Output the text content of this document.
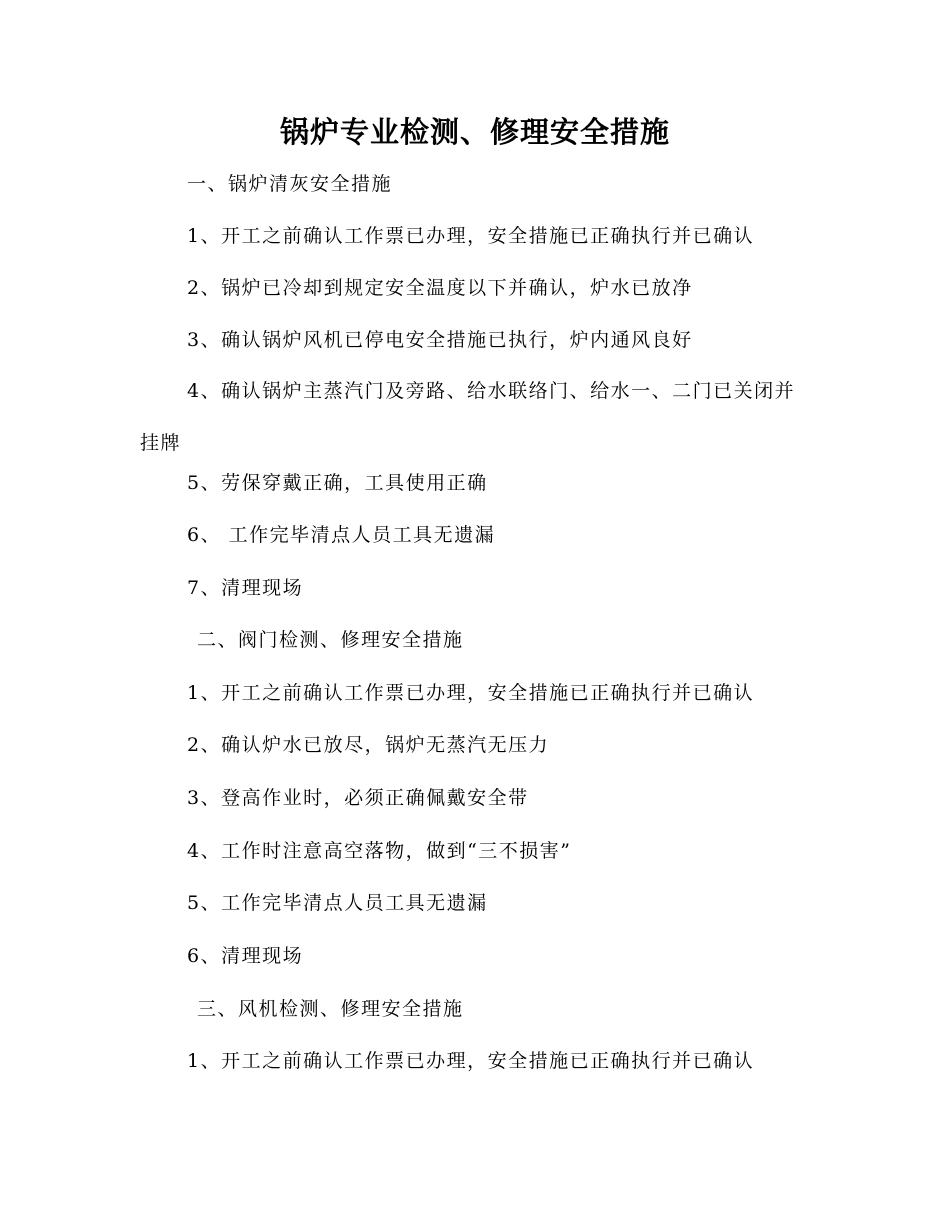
锅炉专业检测、修理安全措施
一、锅炉清灰安全措施
1、开工之前确认工作票已办理，安全措施已正确执行并已确认
2、锅炉已冷却到规定安全温度以下并确认，炉水已放净
3、确认锅炉风机已停电安全措施已执行，炉内通风良好
4、确认锅炉主蒸汽门及旁路、给水联络门、给水一、二门已关闭并挂牌
5、劳保穿戴正确，工具使用正确
6、 工作完毕清点人员工具无遗漏
7、清理现场
二、阀门检测、修理安全措施
1、开工之前确认工作票已办理，安全措施已正确执行并已确认
2、确认炉水已放尽，锅炉无蒸汽无压力
3、登高作业时，必须正确佩戴安全带
4、工作时注意高空落物，做到“三不损害”
5、工作完毕清点人员工具无遗漏
6、清理现场
三、风机检测、修理安全措施
1、开工之前确认工作票已办理，安全措施已正确执行并已确认
